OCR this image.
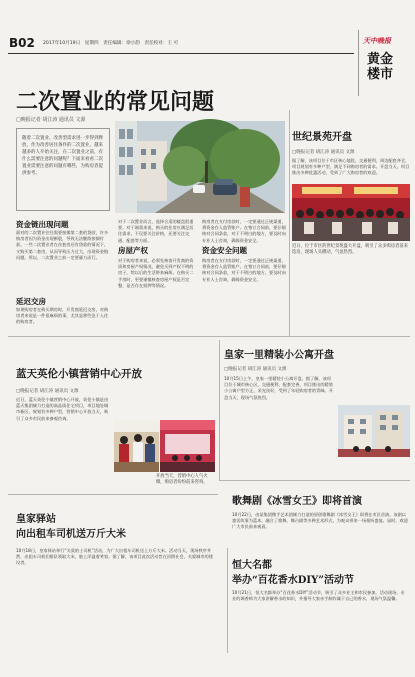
B02 2017年10月19日　星期四　责任编辑：徐小韵　责任校对：王 可	天中晚报
黄金楼市
二次置业的常见问题
□晚报记者 胡江涛 通讯员 文源
随着二次置业、改善型需求进一步得到释放，作为改善居住条件的二次置业，越来越多的人开始关注，在二次置业之前，有什么需要注意的问题呢？下面来看看二次置业需要注意的问题有哪些，为购房者提供参考。
资金链出现问题
面对的二次置业往往需要按揭第二套的贷款，许多购房者因为资金出现断裂，导致无法继续按揭付款。一些二次置业者在首套房还有贷款的情况下，又购买第二套房，从而导致压力过大，出现资金链问题。所以，二次置业之前一定要量力而行。
延迟交房
如果购房者在购买期房时，开发商延迟交房，对购房者来说是一件很麻烦的事，尤其是那些急于入住的购房者。
对于二次置业而言，选择合适的楼盘很重要。对于刚需来说，购买的住房应满足居住需求，不仅要关注价格，还要关注交通、配套等方面。
房屋产权
对于购房者来说，必须先核查开发商的资质和房屋产权情况，避免买到产权不明的房子，给以后的生活带来麻烦。在购买二手房时，更要谨慎核查房屋产权是否完整，是否存在抵押等情况。
购房者在支付房款时，一定要通过正规渠道，将资金存入监管账户。在签订合同前，要仔细核对合同条款，对于不明白的地方，要及时向专业人士咨询，确保资金安全。
资金安全问题
购房者在支付房款时，一定要通过正规渠道，将资金存入监管账户。在签订合同前，要仔细核对合同条款，对于不明白的地方，要及时向专业人士咨询，确保资金安全。
世纪景苑开盘
□晚报记者 胡江涛 通讯员 文源
据了解，该项目位于市区核心地段，交通便利，周边配套齐全，项目规划有多种户型，满足不同购房者的需求。开盘当天，项目推出多种优惠活动，受到了广大购房者的欢迎。
近日，位于市区的世纪景苑盛大开盘，吸引了众多购房者前来选房，现场人头攒动，气氛热烈。
蓝天英伦小镇营销中心开放
□晚报记者 胡江涛 通讯员 文源
近日，蓝天英伦小镇营销中心开放，英伦小镇是由蓝天集团倾力打造的高品质住宅项目，项目地处城市新区，规划有多种户型，营销中心开放当天，吸引了众多市民前来参观咨询。
开放当天，营销中心人气火爆，购房者纷纷前来咨询。
皇家一里精装小公寓开盘
□晚报记者 胡江涛 通讯员 文源
10月15日上午，皇家一里精装小公寓开盘。据了解，该项目位于城市核心区，交通便利，配套完善，项目推出的精装小公寓户型方正，采光良好，受到了年轻购房者的青睐。开盘当天，现场气氛热烈。
歌舞剧《冰雪女王》即将首演
10月22日，由某集团携手艺术团倾力打造的原创歌舞剧《冰雪女王》即将在市区首演。该剧以童话故事为蓝本，融合了歌舞、舞台剧等多种艺术形式，为观众带来一场视听盛宴。届时，欢迎广大市民前来观看。
皇家驿站
向出租车司机送万斤大米
10月18日，皇家驿站举行“关爱的士司机”活动，为广大出租车司机送上万斤大米。活动当天，现场秩序井然，出租车司机们排队领取大米，脸上洋溢着笑容。据了解，该项目此次活动旨在回馈社会，关爱城市的建设者。	恒大名都
举办“百花香水DIY”活动节
10月21日，恒大名都举办“百花香水DIY”活动节，吸引了众多业主和市民参加。活动现场，专业的调香师为大家讲解香水的知识，并指导大家亲手制作属于自己的香水，现场气氛温馨。
